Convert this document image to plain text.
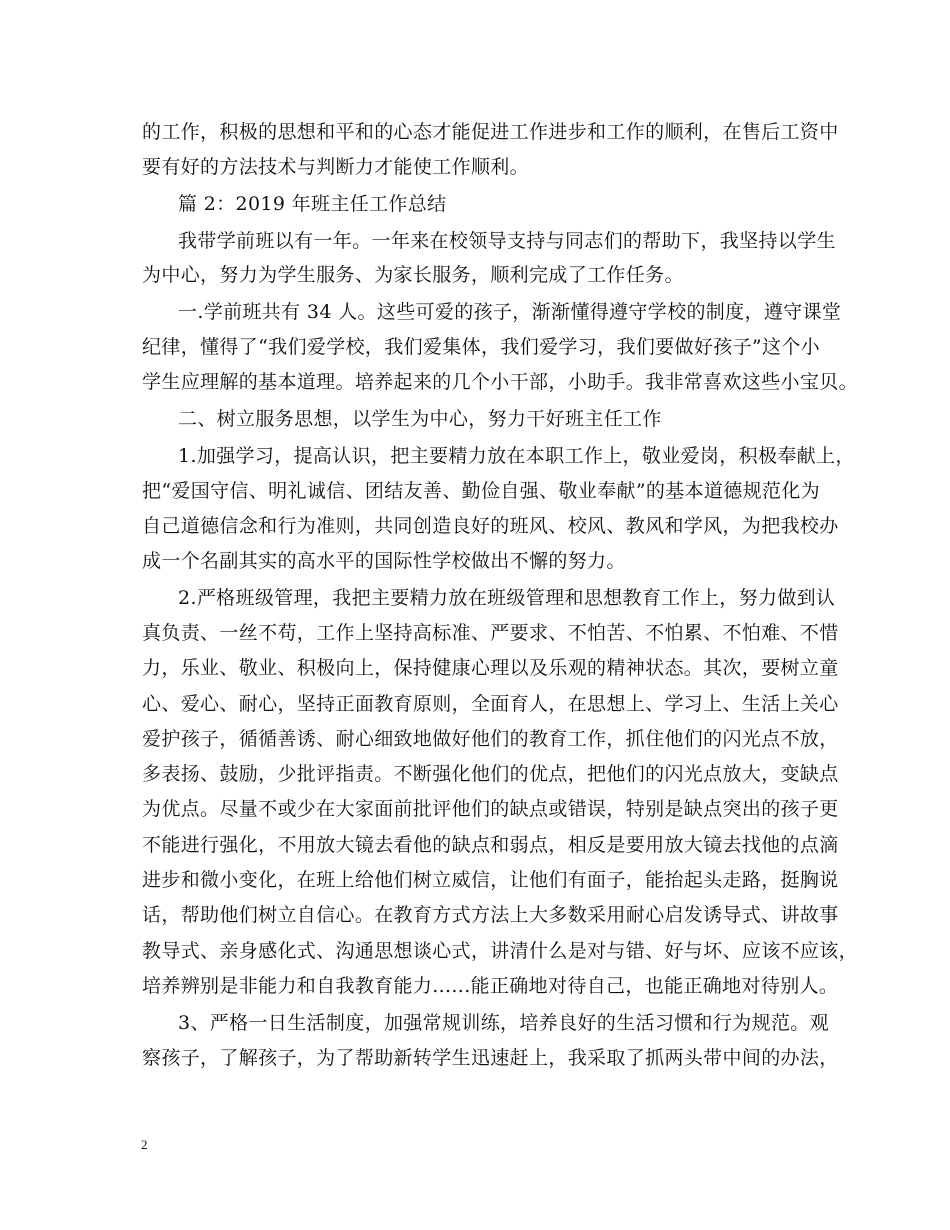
的工作，积极的思想和平和的心态才能促进工作进步和工作的顺利，在售后工资中
要有好的方法技术与判断力才能使工作顺利。
篇 2：2019 年班主任工作总结
我带学前班以有一年。一年来在校领导支持与同志们的帮助下，我坚持以学生
为中心，努力为学生服务、为家长服务，顺利完成了工作任务。
一.学前班共有 34 人。这些可爱的孩子，渐渐懂得遵守学校的制度，遵守课堂
纪律，懂得了“我们爱学校，我们爱集体，我们爱学习，我们要做好孩子”这个小
学生应理解的基本道理。培养起来的几个小干部，小助手。我非常喜欢这些小宝贝。
二、树立服务思想，以学生为中心，努力干好班主任工作
1.加强学习，提高认识，把主要精力放在本职工作上，敬业爱岗，积极奉献上，
把“爱国守信、明礼诚信、团结友善、勤俭自强、敬业奉献”的基本道德规范化为
自己道德信念和行为准则，共同创造良好的班风、校风、教风和学风，为把我校办
成一个名副其实的高水平的国际性学校做出不懈的努力。
2.严格班级管理，我把主要精力放在班级管理和思想教育工作上，努力做到认
真负责、一丝不苟，工作上坚持高标准、严要求、不怕苦、不怕累、不怕难、不惜
力，乐业、敬业、积极向上，保持健康心理以及乐观的精神状态。其次，要树立童
心、爱心、耐心，坚持正面教育原则，全面育人，在思想上、学习上、生活上关心
爱护孩子，循循善诱、耐心细致地做好他们的教育工作，抓住他们的闪光点不放，
多表扬、鼓励，少批评指责。不断强化他们的优点，把他们的闪光点放大，变缺点
为优点。尽量不或少在大家面前批评他们的缺点或错误，特别是缺点突出的孩子更
不能进行强化，不用放大镜去看他的缺点和弱点，相反是要用放大镜去找他的点滴
进步和微小变化，在班上给他们树立威信，让他们有面子，能抬起头走路，挺胸说
话，帮助他们树立自信心。在教育方式方法上大多数采用耐心启发诱导式、讲故事
教导式、亲身感化式、沟通思想谈心式，讲清什么是对与错、好与坏、应该不应该，
培养辨别是非能力和自我教育能力......能正确地对待自己，也能正确地对待别人。
3、严格一日生活制度，加强常规训练，培养良好的生活习惯和行为规范。观
察孩子，了解孩子，为了帮助新转学生迅速赶上，我采取了抓两头带中间的办法，
2
